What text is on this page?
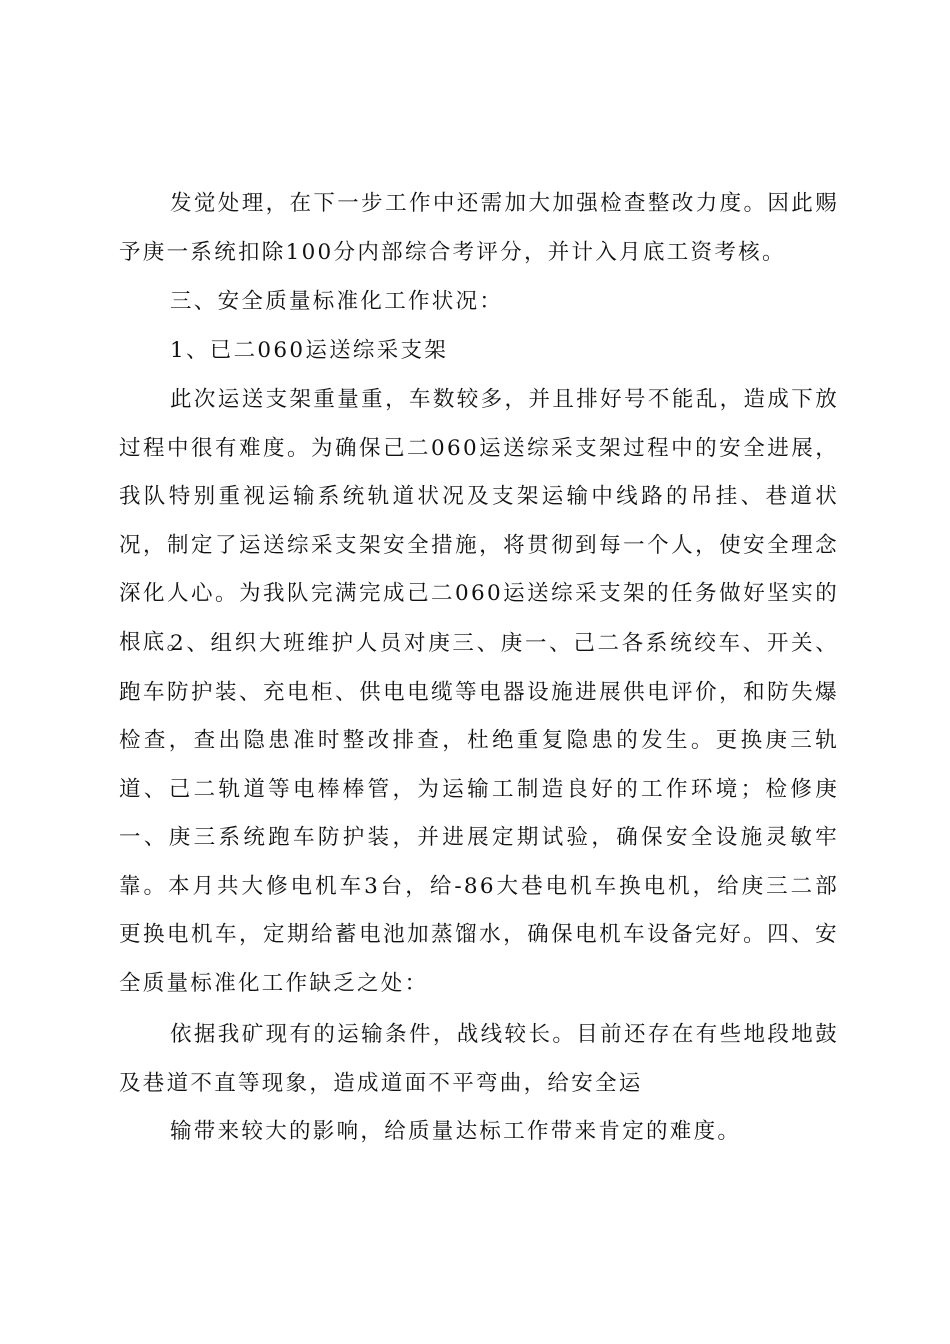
发觉处理，在下一步工作中还需加大加强检查整改力度。因此赐予庚一系统扣除100分内部综合考评分，并计入月底工资考核。

三、安全质量标准化工作状况：

1、已二060运送综采支架

此次运送支架重量重，车数较多，并且排好号不能乱，造成下放过程中很有难度。为确保己二060运送综采支架过程中的安全进展，我队特别重视运输系统轨道状况及支架运输中线路的吊挂、巷道状况，制定了运送综采支架安全措施，将贯彻到每一个人，使安全理念深化人心。为我队完满完成己二060运送综采支架的任务做好坚实的根底。

2、组织大班维护人员对庚三、庚一、己二各系统绞车、开关、跑车防护装、充电柜、供电电缆等电器设施进展供电评价，和防失爆检查，查出隐患准时整改排查，杜绝重复隐患的发生。更换庚三轨道、己二轨道等电棒棒管，为运输工制造良好的工作环境；检修庚一、庚三系统跑车防护装，并进展定期试验，确保安全设施灵敏牢靠。本月共大修电机车3台，给-86大巷电机车换电机，给庚三二部更换电机车，定期给蓄电池加蒸馏水，确保电机车设备完好。四、安全质量标准化工作缺乏之处：

依据我矿现有的运输条件，战线较长。目前还存在有些地段地鼓及巷道不直等现象，造成道面不平弯曲，给安全运

输带来较大的影响，给质量达标工作带来肯定的难度。
